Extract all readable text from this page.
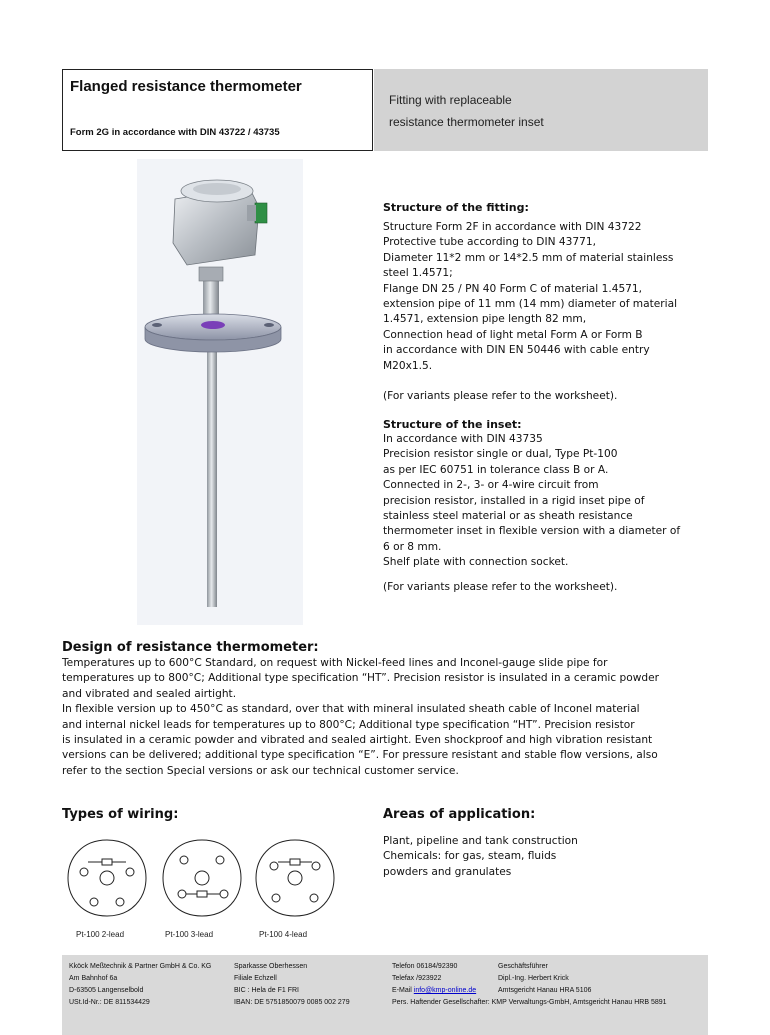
Flanged resistance thermometer
Form 2G in accordance with DIN 43722 / 43735
Fitting with replaceable
resistance thermometer inset
Structure of the fitting:
Structure Form 2F in accordance with DIN 43722
Protective tube according to DIN 43771,
Diameter 11*2 mm or 14*2.5 mm of material stainless
steel 1.4571;
Flange DN 25 / PN 40 Form C of material 1.4571,
extension pipe of 11 mm (14 mm) diameter of material
1.4571, extension pipe length 82 mm,
Connection head of light metal Form A or Form B
in accordance with DIN EN 50446 with cable entry
M20x1.5.
(For variants please refer to the worksheet).
Structure of the inset:
In accordance with DIN 43735
Precision resistor single or dual, Type Pt-100
as per IEC 60751 in tolerance class B or A.
Connected in 2-, 3- or 4-wire circuit from
precision resistor, installed in a rigid inset pipe of
stainless steel material or as sheath resistance
thermometer inset in flexible version with a diameter of
6 or 8 mm.
Shelf plate with connection socket.
(For variants please refer to the worksheet).
Design of resistance thermometer:
Temperatures up to 600°C Standard, on request with Nickel-feed lines and Inconel-gauge slide pipe for
temperatures up to 800°C; Additional type specification “HT”. Precision resistor is insulated in a ceramic powder
and vibrated and sealed airtight.
In flexible version up to 450°C as standard, over that with mineral insulated sheath cable of Inconel material
and internal nickel leads for temperatures up to 800°C; Additional type specification “HT”. Precision resistor
is insulated in a ceramic powder and vibrated and sealed airtight. Even shockproof and high vibration resistant
versions can be delivered; additional type specification “E”. For pressure resistant and stable flow versions, also
refer to the section Special versions or ask our technical customer service.
Types of wiring:
Pt-100 2-lead	Pt-100 3-lead	Pt-100 4-lead
Areas of application:
Plant, pipeline and tank construction
Chemicals: for gas, steam, fluids
powders and granulates
Kköck Meßtechnik & Partner GmbH & Co. KG
Am Bahnhof 6a
D-63505 Langenselbold
USt.Id-Nr.: DE 811534429
Sparkasse Oberhessen
Filiale Echzell
BIC : Hela de F1 FRI
IBAN: DE 5751850079 0085 002 279
Telefon 06184/92390
Telefax /923922
E-Mail info@kmp-online.de
Pers. Haftender Gesellschafter: KMP Verwaltungs-GmbH, Amtsgericht Hanau HRB 5891
Geschäftsführer
Dipl.-Ing. Herbert Krick
Amtsgericht Hanau HRA 5106
